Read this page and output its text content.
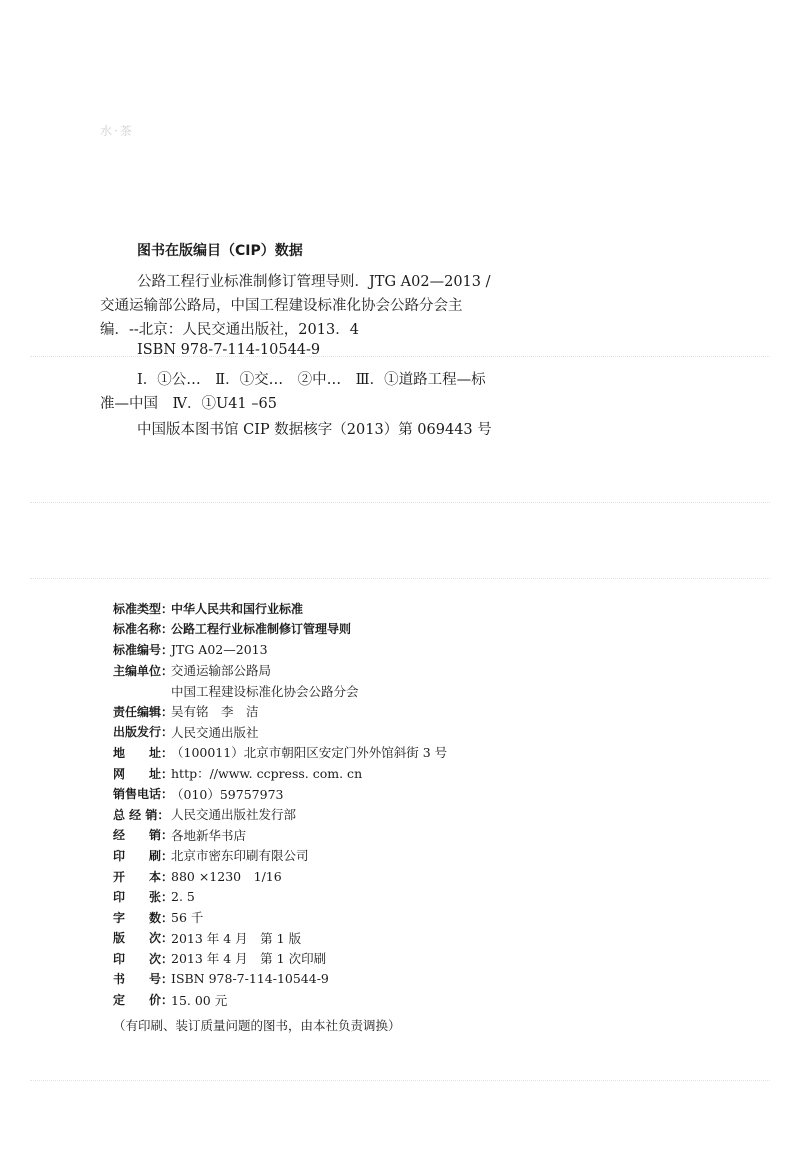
水·茶
图书在版编目（CIP）数据
公路工程行业标准制修订管理导则．JTG A02—2013 /
交通运输部公路局，中国工程建设标准化协会公路分会主
编．--北京：人民交通出版社，2013．4
ISBN 978-7-114-10544-9
Ⅰ．①公…　Ⅱ．①交…　②中…　Ⅲ．①道路工程—标
准—中国　Ⅳ．①U41 –65
中国版本图书馆 CIP 数据核字（2013）第 069443 号
标准类型：
中华人民共和国行业标准
标准名称：
公路工程行业标准制修订管理导则
标准编号：
JTG A02—2013
主编单位：
交通运输部公路局
中国工程建设标准化协会公路分会
责任编辑：
吴有铭　李　洁
出版发行：
人民交通出版社
地　　址：
（100011）北京市朝阳区安定门外外馆斜街 3 号
网　　址：
http：//www. ccpress. com. cn
销售电话：
（010）59757973
总 经 销： 人民交通出版社发行部
经　　销：
各地新华书店
印　　刷：
北京市密东印刷有限公司
开　　本：
880 ×1230　1/16
印　　张：
2. 5
字　　数：
56 千
版　　次：
2013 年 4 月　第 1 版
印　　次：
2013 年 4 月　第 1 次印刷
书　　号：
ISBN 978-7-114-10544-9
定　　价：
15. 00 元
（有印刷、装订质量问题的图书，由本社负责调换）
